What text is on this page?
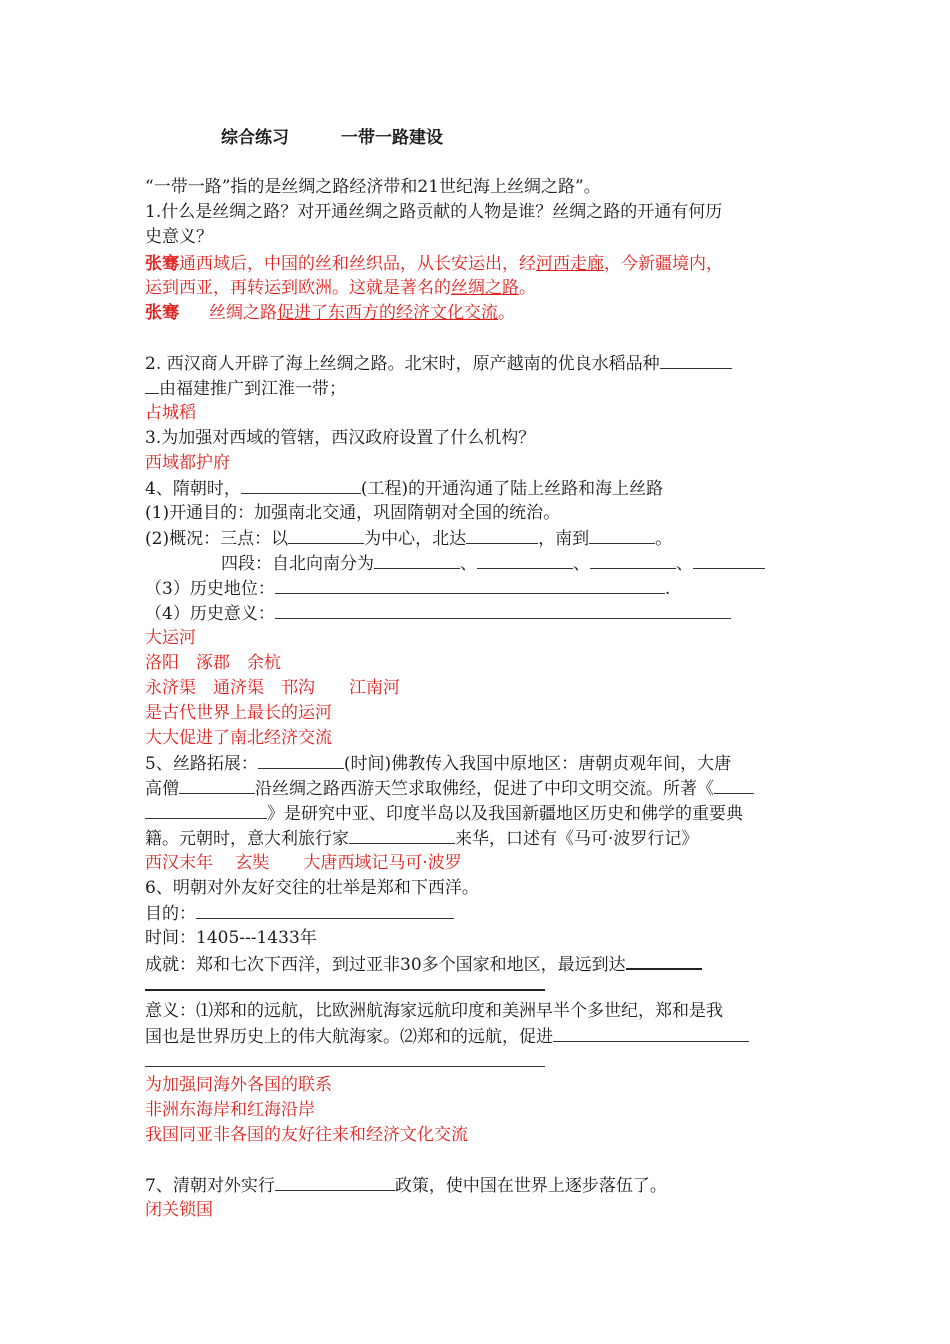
综合练习	一带一路建设
“一带一路”指的是丝绸之路经济带和21世纪海上丝绸之路”。
1.什么是丝绸之路？对开通丝绸之路贡献的人物是谁？丝绸之路的开通有何历
史意义？
张骞通西域后，中国的丝和丝织品，从长安运出，经河西走廊，今新疆境内，
运到西亚，再转运到欧洲。这就是著名的丝绸之路。
张骞 丝绸之路促进了东西方的经济文化交流。
2. 西汉商人开辟了海上丝绸之路。北宋时，原产越南的优良水稻品种
由福建推广到江淮一带；
占城稻
3.为加强对西域的管辖，西汉政府设置了什么机构？
西域都护府
4、隋朝时，	(工程)的开通沟通了陆上丝路和海上丝路
(1)开通目的：加强南北交通，巩固隋朝对全国的统治。
(2)概况：三点：以	为中心，北达	，南到	。
四段：自北向南分为	、	、	、
（3）历史地位：	.
（4）历史意义：
大运河
洛阳　涿郡　余杭
永济渠　通济渠　邗沟　　江南河
是古代世界上最长的运河
大大促进了南北经济交流
5、丝路拓展：	(时间)佛教传入我国中原地区：唐朝贞观年间，大唐
高僧	沿丝绸之路西游天竺求取佛经，促进了中印文明交流。所著《
》是研究中亚、印度半岛以及我国新疆地区历史和佛学的重要典
籍。元朝时，意大利旅行家	来华，口述有《马可·波罗行记》
西汉末年　 玄奘　　大唐西域记马可·波罗
6、明朝对外友好交往的壮举是郑和下西洋。
目的：
时间：1405---1433年
成就：郑和七次下西洋，到过亚非30多个国家和地区，最远到达
意义：⑴郑和的远航，比欧洲航海家远航印度和美洲早半个多世纪，郑和是我
国也是世界历史上的伟大航海家。⑵郑和的远航，促进
为加强同海外各国的联系
非洲东海岸和红海沿岸
我国同亚非各国的友好往来和经济文化交流
7、清朝对外实行	政策，使中国在世界上逐步落伍了。
闭关锁国
